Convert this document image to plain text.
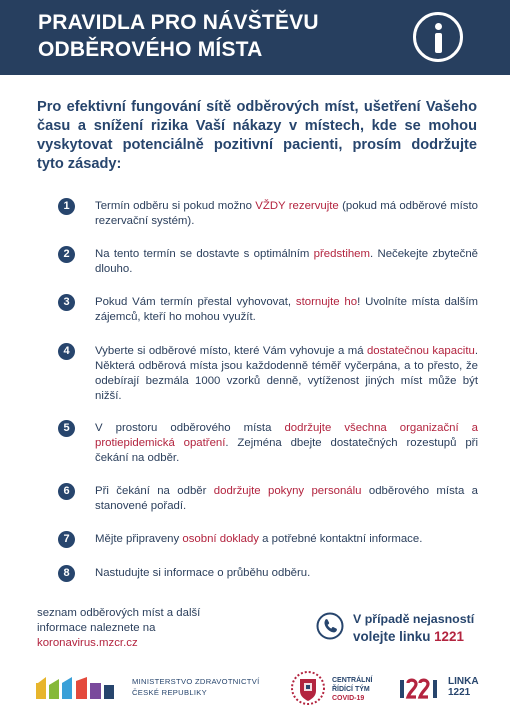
PRAVIDLA PRO NÁVŠTĚVU
ODBĚROVÉHO MÍSTA
Pro efektivní fungování sítě odběrových míst, ušetření Vašeho času a snížení rizika Vaší nákazy v místech, kde se mohou vyskytovat potenciálně pozitivní pacienti, prosím dodržujte tyto zásady:
1	Termín odběru si pokud možno VŽDY rezervujte (pokud má odběrové místo rezervační systém).
2	Na tento termín se dostavte s optimálním předstihem. Nečekejte zbytečně dlouho.
3	Pokud Vám termín přestal vyhovovat, stornujte ho! Uvolníte místa dalším zájemců, kteří ho mohou využít.
4	Vyberte si odběrové místo, které Vám vyhovuje a má dostatečnou kapacitu. Některá odběrová místa jsou každodenně téměř vyčerpána, a to přesto, že odebírají bezmála 1000 vzorků denně, vytíženost jiných míst může být nižší.
5	V prostoru odběrového místa dodržujte všechna organizační a protiepidemická opatření. Zejména dbejte dostatečných rozestupů při čekání na odběr.
6	Při čekání na odběr dodržujte pokyny personálu odběrového místa a stanovené pořadí.
7	Mějte připraveny osobní doklady a potřebné kontaktní informace.
8	Nastudujte si informace o průběhu odběru.
seznam odběrových míst a další
informace naleznete na
koronavirus.mzcr.cz
V případě nejasností
volejte linku 1221
MINISTERSTVO ZDRAVOTNICTVÍ
ČESKÉ REPUBLIKY
CENTRÁLNÍ
ŘÍDÍCÍ TÝM
COVID-19
LINKA
1221
